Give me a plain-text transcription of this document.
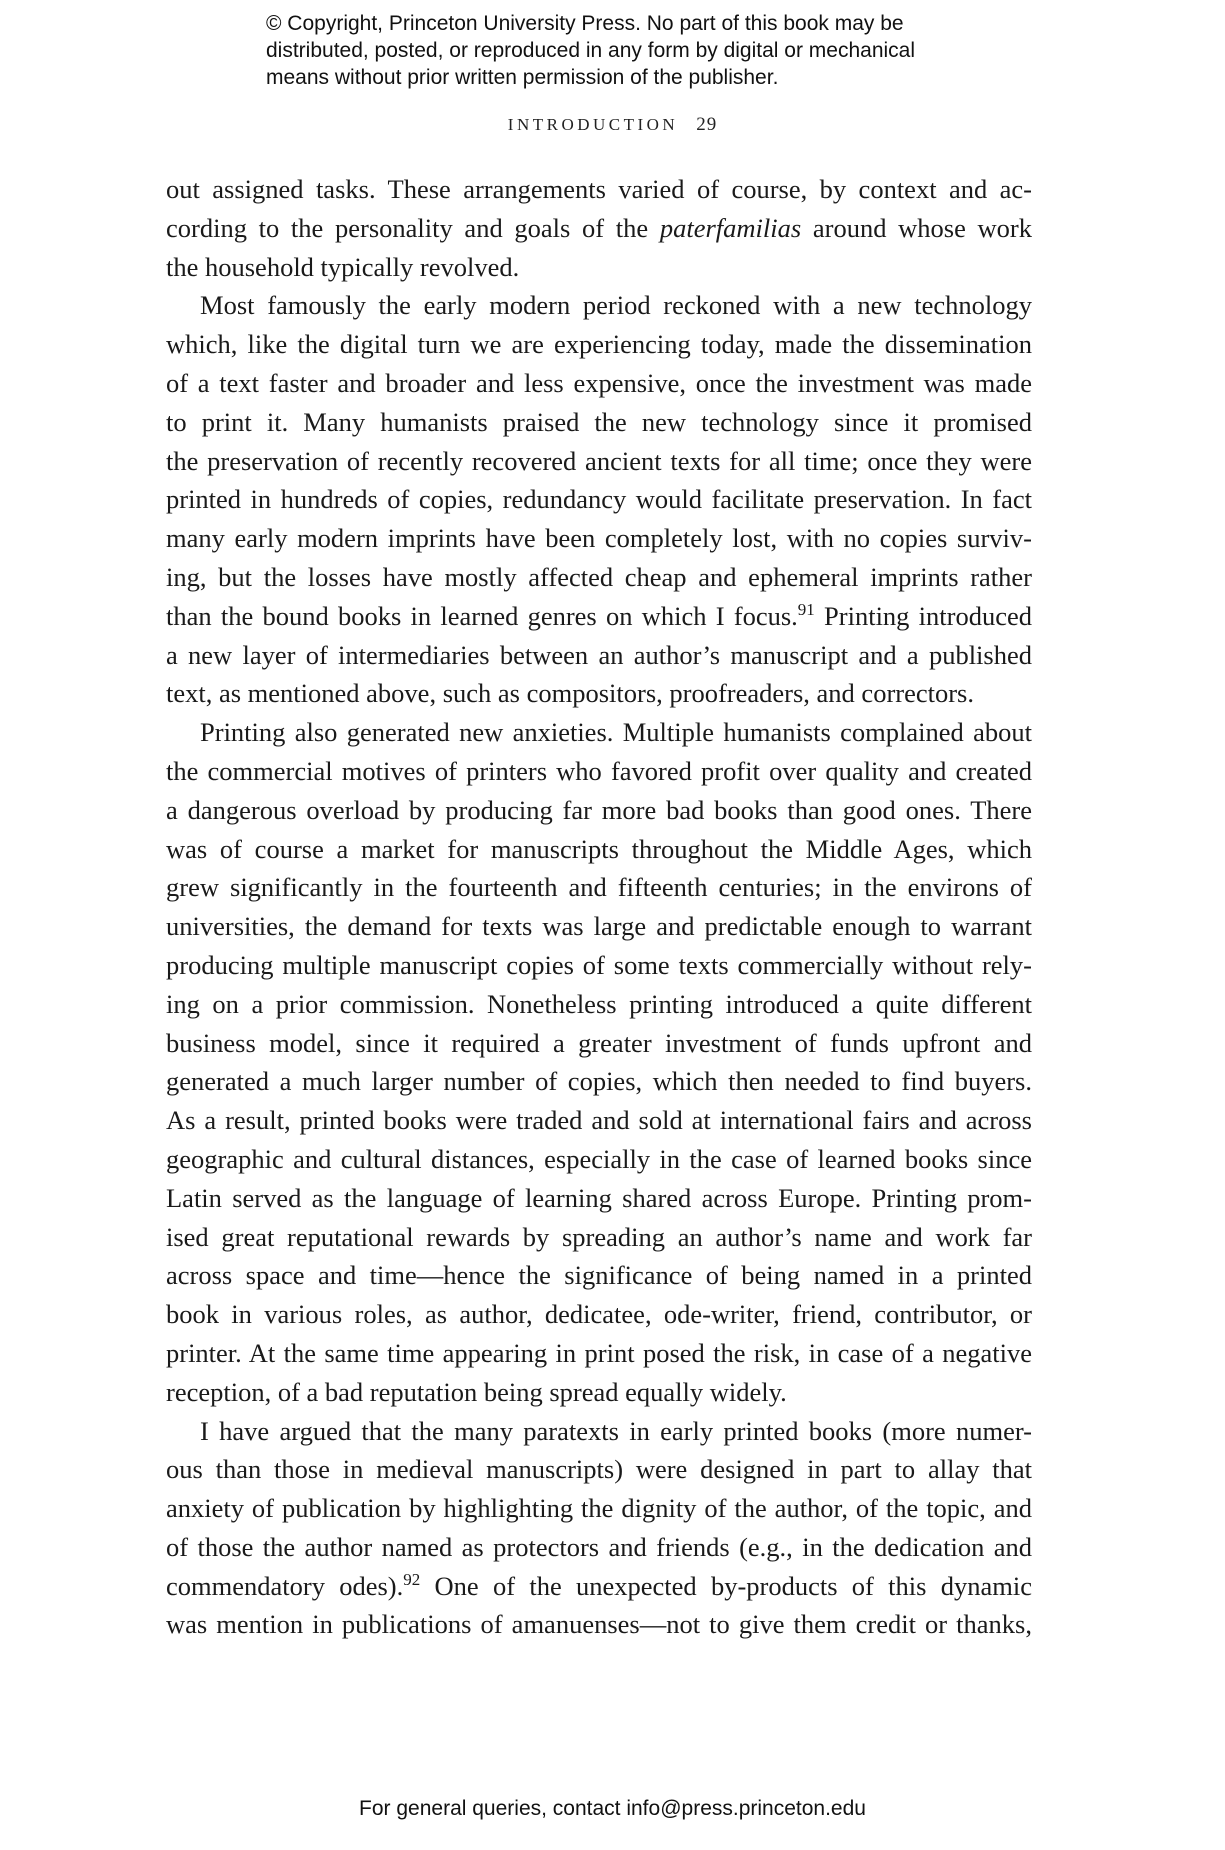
© Copyright, Princeton University Press. No part of this book may be
distributed, posted, or reproduced in any form by digital or mechanical
means without prior written permission of the publisher.
INTRODUCTION 29
out assigned tasks. These arrangements varied of course, by context and ac-
cording to the personality and goals of the paterfamilias around whose work
the household typically revolved.
Most famously the early modern period reckoned with a new technology
which, like the digital turn we are experiencing today, made the dissemination
of a text faster and broader and less expensive, once the investment was made
to print it. Many humanists praised the new technology since it promised
the preservation of recently recovered ancient texts for all time; once they were
printed in hundreds of copies, redundancy would facilitate preservation. In fact
many early modern imprints have been completely lost, with no copies surviv-
ing, but the losses have mostly affected cheap and ephemeral imprints rather
than the bound books in learned genres on which I focus.$^{91}$ Printing introduced
a new layer of intermediaries between an author’s manuscript and a published
text, as mentioned above, such as compositors, proofreaders, and correctors.
Printing also generated new anxieties. Multiple humanists complained about
the commercial motives of printers who favored profit over quality and created
a dangerous overload by producing far more bad books than good ones. There
was of course a market for manuscripts throughout the Middle Ages, which
grew significantly in the fourteenth and fifteenth centuries; in the environs of
universities, the demand for texts was large and predictable enough to warrant
producing multiple manuscript copies of some texts commercially without rely-
ing on a prior commission. Nonetheless printing introduced a quite different
business model, since it required a greater investment of funds upfront and
generated a much larger number of copies, which then needed to find buyers.
As a result, printed books were traded and sold at international fairs and across
geographic and cultural distances, especially in the case of learned books since
Latin served as the language of learning shared across Europe. Printing prom-
ised great reputational rewards by spreading an author’s name and work far
across space and time—hence the significance of being named in a printed
book in various roles, as author, dedicatee, ode-writer, friend, contributor, or
printer. At the same time appearing in print posed the risk, in case of a negative
reception, of a bad reputation being spread equally widely.
I have argued that the many paratexts in early printed books (more numer-
ous than those in medieval manuscripts) were designed in part to allay that
anxiety of publication by highlighting the dignity of the author, of the topic, and
of those the author named as protectors and friends (e.g., in the dedication and
commendatory odes).$^{92}$ One of the unexpected by-products of this dynamic
was mention in publications of amanuenses—not to give them credit or thanks,
For general queries, contact info@press.princeton.edu
